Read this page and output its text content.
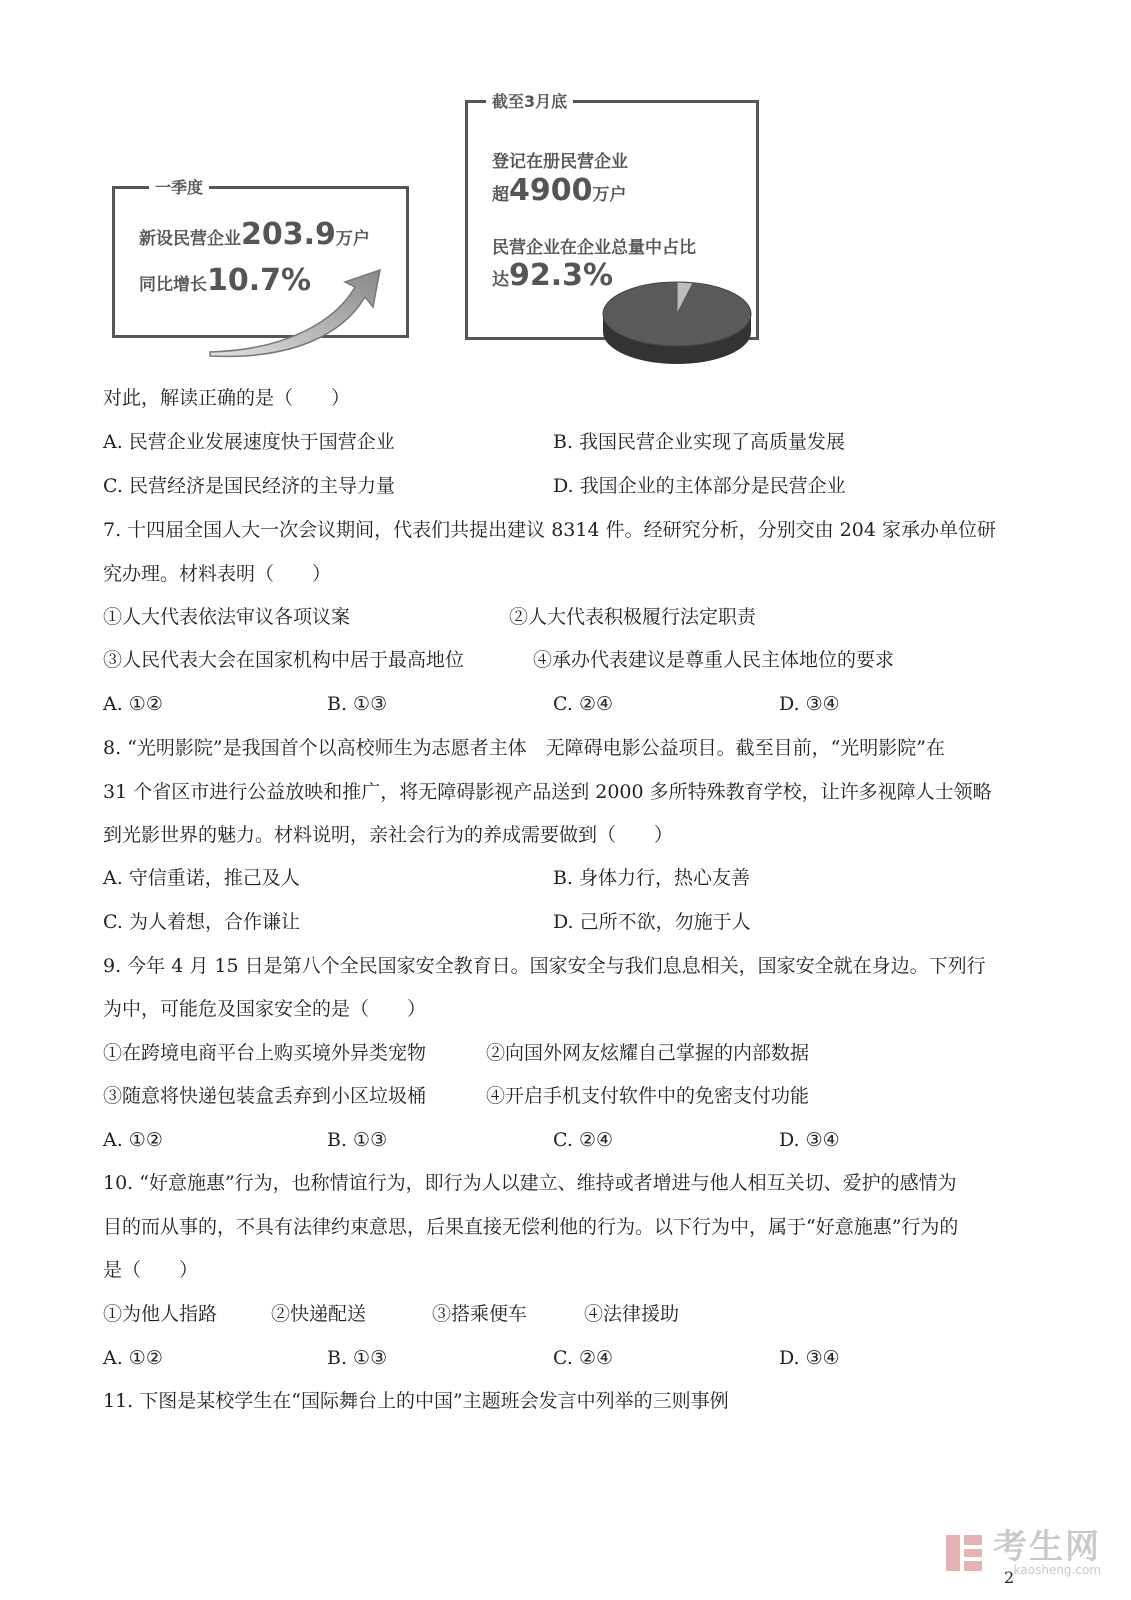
一季度
新设民营企业203.9万户
同比增长10.7%
截至3月底
登记在册民营企业
超4900万户
民营企业在企业总量中占比
达92.3%
对此，解读正确的是（　　）
A. 民营企业发展速度快于国营企业	B. 我国民营企业实现了高质量发展
C. 民营经济是国民经济的主导力量	D. 我国企业的主体部分是民营企业
7. 十四届全国人大一次会议期间，代表们共提出建议 8314 件。经研究分析，分别交由 204 家承办单位研
究办理。材料表明（　　）
①人大代表依法审议各项议案	②人大代表积极履行法定职责
③人民代表大会在国家机构中居于最高地位	④承办代表建议是尊重人民主体地位的要求
A. ①②	B. ①③	C. ②④	D. ③④
8. “光明影院”是我国首个以高校师生为志愿者主体　无障碍电影公益项目。截至目前，“光明影院”在
31 个省区市进行公益放映和推广，将无障碍影视产品送到 2000 多所特殊教育学校，让许多视障人士领略
到光影世界的魅力。材料说明，亲社会行为的养成需要做到（　　）
A. 守信重诺，推己及人	B. 身体力行，热心友善
C. 为人着想，合作谦让	D. 己所不欲，勿施于人
9. 今年 4 月 15 日是第八个全民国家安全教育日。国家安全与我们息息相关，国家安全就在身边。下列行
为中，可能危及国家安全的是（　　）
①在跨境电商平台上购买境外异类宠物	②向国外网友炫耀自己掌握的内部数据
③随意将快递包装盒丢弃到小区垃圾桶	④开启手机支付软件中的免密支付功能
A. ①②	B. ①③	C. ②④	D. ③④
10. “好意施惠”行为，也称情谊行为，即行为人以建立、维持或者增进与他人相互关切、爱护的感情为
目的而从事的，不具有法律约束意思，后果直接无偿利他的行为。以下行为中，属于“好意施惠”行为的
是（　　）
①为他人指路	②快递配送	③搭乘便车	④法律援助
A. ①②	B. ①③	C. ②④	D. ③④
11. 下图是某校学生在“国际舞台上的中国”主题班会发言中列举的三则事例

考生网
kaosheng.com
2
